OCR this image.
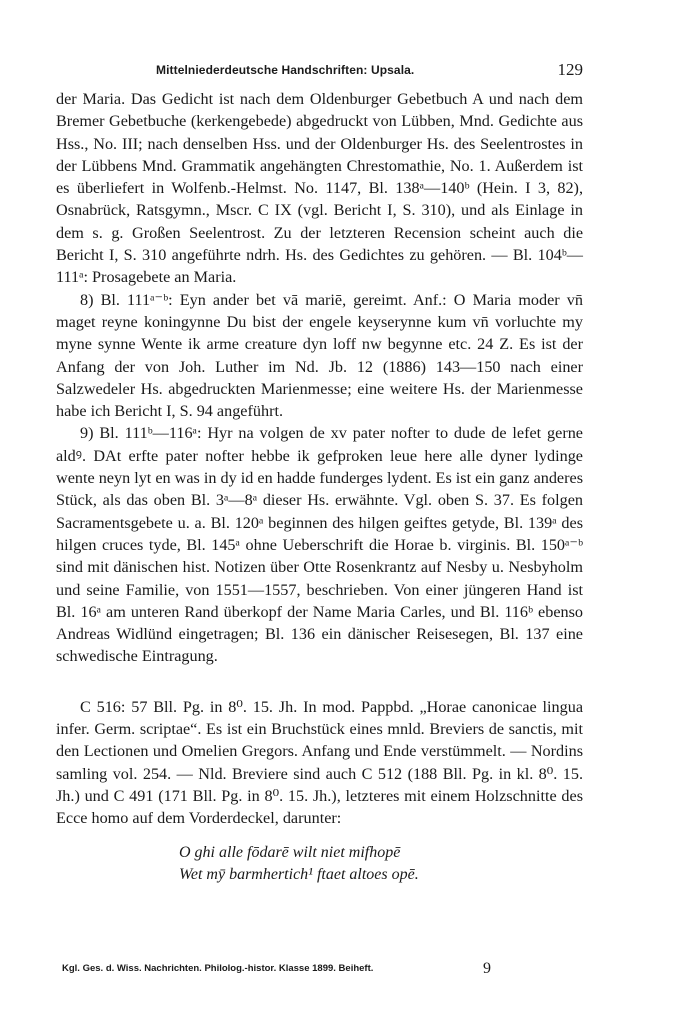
Mittelniederdeutsche Handschriften: Upsala.	129

der Maria. Das Gedicht ist nach dem Oldenburger Gebetbuch A und nach dem Bremer Gebetbuche (kerkengebede) abgedruckt von Lübben, Mnd. Gedichte aus Hss., No. III; nach denselben Hss. und der Oldenburger Hs. des Seelentrostes in der Lübbens Mnd. Grammatik angehängten Chrestomathie, No. 1. Außerdem ist es überliefert in Wolfenb.-Helmst. No. 1147, Bl. 138ᵃ—140ᵇ (Hein. I 3, 82), Osnabrück, Ratsgymn., Mscr. C IX (vgl. Bericht I, S. 310), und als Einlage in dem s. g. Großen Seelentrost. Zu der letzteren Recension scheint auch die Bericht I, S. 310 angeführte ndrh. Hs. des Gedichtes zu gehören. — Bl. 104ᵇ—111ᵃ: Prosagebete an Maria.

8) Bl. 111ᵃ⁻ᵇ: Eyn ander bet vā mariē, gereimt. Anf.: O Maria moder vn̄ maget reyne koningynne Du bist der engele keyserynne kum vn̄ vorluchte my myne synne Wente ik arme creature dyn loff nw begynne etc. 24 Z. Es ist der Anfang der von Joh. Luther im Nd. Jb. 12 (1886) 143—150 nach einer Salzwedeler Hs. abgedruckten Marienmesse; eine weitere Hs. der Marienmesse habe ich Bericht I, S. 94 angeführt.

9) Bl. 111ᵇ—116ᵃ: Hyr na volgen de xv pater nofter to dude de lefet gerne aldꝰ. DAt erfte pater nofter hebbe ik gefproken leue here alle dyner lydinge wente neyn lyt en was in dy id en hadde funderges lydent. Es ist ein ganz anderes Stück, als das oben Bl. 3ᵃ—8ᵃ dieser Hs. erwähnte. Vgl. oben S. 37. Es folgen Sacramentsgebete u. a. Bl. 120ᵃ beginnen des hilgen geiftes getyde, Bl. 139ᵃ des hilgen cruces tyde, Bl. 145ᵃ ohne Ueberschrift die Horae b. virginis. Bl. 150ᵃ⁻ᵇ sind mit dänischen hist. Notizen über Otte Rosenkrantz auf Nesby u. Nesbyholm und seine Familie, von 1551—1557, beschrieben. Von einer jüngeren Hand ist Bl. 16ᵃ am unteren Rand überkopf der Name Maria Carles, und Bl. 116ᵇ ebenso Andreas Widlünd eingetragen; Bl. 136 ein dänischer Reisesegen, Bl. 137 eine schwedische Eintragung.

C 516: 57 Bll. Pg. in 8⁰. 15. Jh. In mod. Pappbd. „Horae canonicae lingua infer. Germ. scriptae“. Es ist ein Bruchstück eines mnld. Breviers de sanctis, mit den Lectionen und Omelien Gregors. Anfang und Ende verstümmelt. — Nordins samling vol. 254. — Nld. Breviere sind auch C 512 (188 Bll. Pg. in kl. 8⁰. 15. Jh.) und C 491 (171 Bll. Pg. in 8⁰. 15. Jh.), letzteres mit einem Holzschnitte des Ecce homo auf dem Vorderdeckel, darunter:

O ghi alle fōdarē wilt niet mifhopē
Wet mȳ barmhertich¹ ftaet altoes opē.
Kgl. Ges. d. Wiss. Nachrichten. Philolog.-histor. Klasse 1899. Beiheft.	9
